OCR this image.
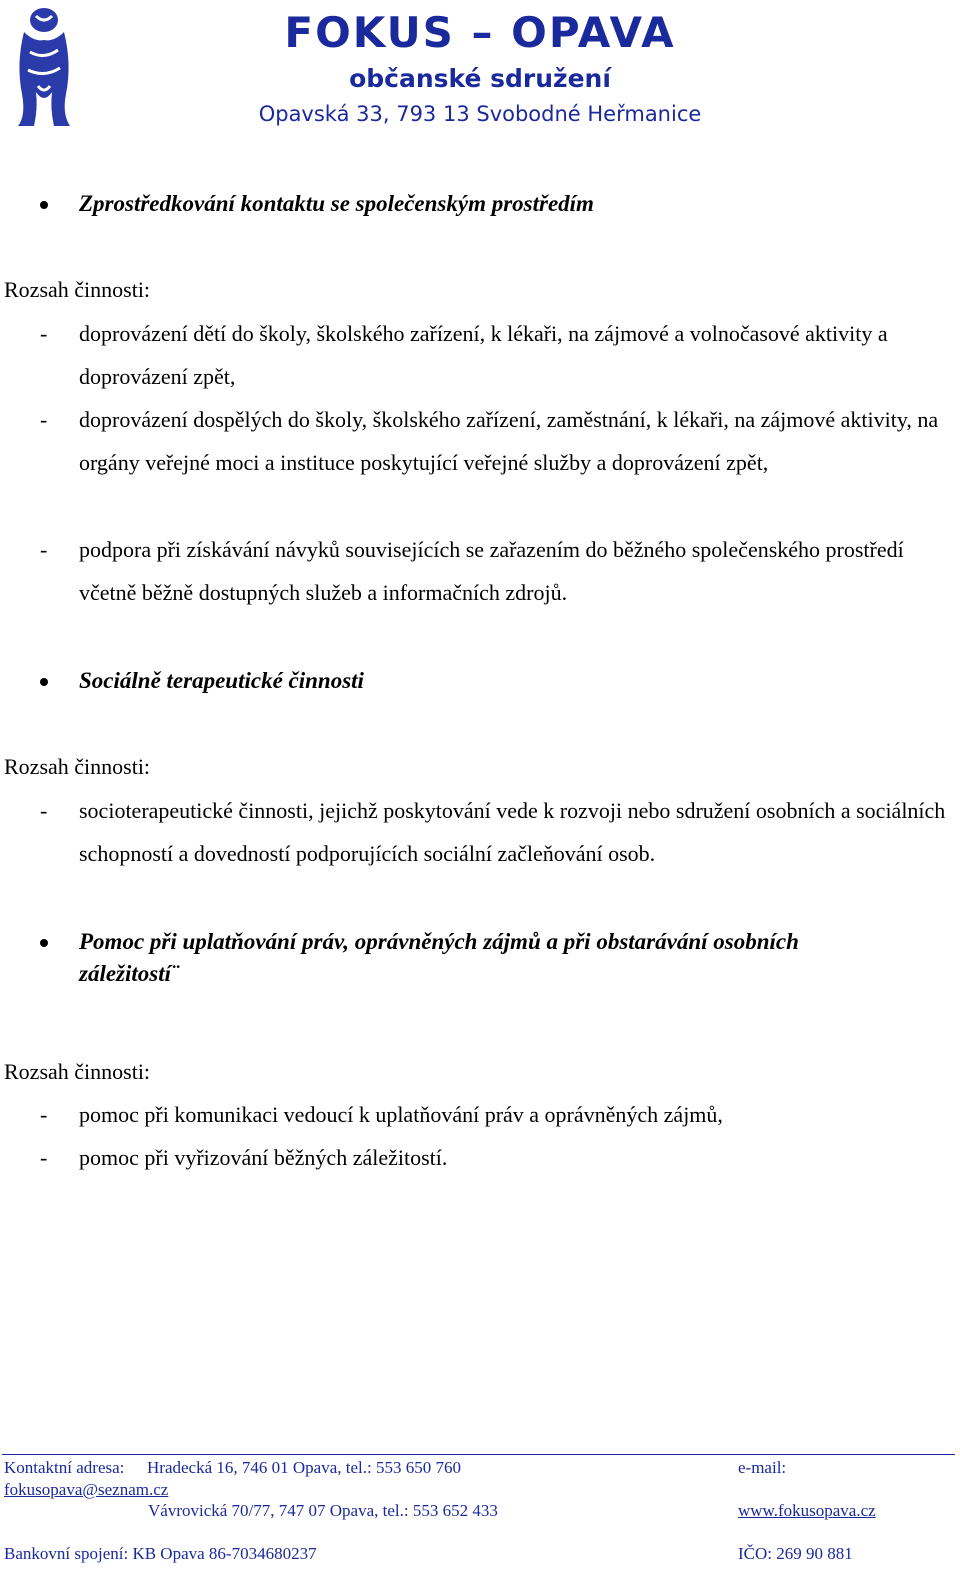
FOKUS – OPAVA
občanské sdružení
Opavská 33, 793 13 Svobodné Heřmanice
Zprostředkování kontaktu se společenským prostředím
Rozsah činnosti:
- doprovázení dětí do školy, školského zařízení, k lékaři, na zájmové a volnočasové aktivity a doprovázení zpět,
- doprovázení dospělých do školy, školského zařízení, zaměstnání, k lékaři, na zájmové aktivity, na orgány veřejné moci a instituce poskytující veřejné služby a doprovázení zpět,
- podpora při získávání návyků souvisejících se zařazením do běžného společenského prostředí včetně běžně dostupných služeb a informačních zdrojů.
Sociálně terapeutické činnosti
Rozsah činnosti:
- socioterapeutické činnosti, jejichž poskytování vede k rozvoji nebo sdružení osobních a sociálních schopností a dovedností podporujících sociální začleňování osob.
Pomoc při uplatňování práv, oprávněných zájmů a při obstarávání osobních záležitostí¨
Rozsah činnosti:
- pomoc při komunikaci vedoucí k uplatňování práv a oprávněných zájmů,
- pomoc při vyřizování běžných záležitostí.
Kontaktní adresa: Hradecká 16, 746 01 Opava, tel.: 553 650 760	e-mail:
fokusopava@seznam.cz
Vávrovická 70/77, 747 07 Opava, tel.: 553 652 433	www.fokusopava.cz
Bankovní spojení: KB Opava 86-7034680237	IČO: 269 90 881
